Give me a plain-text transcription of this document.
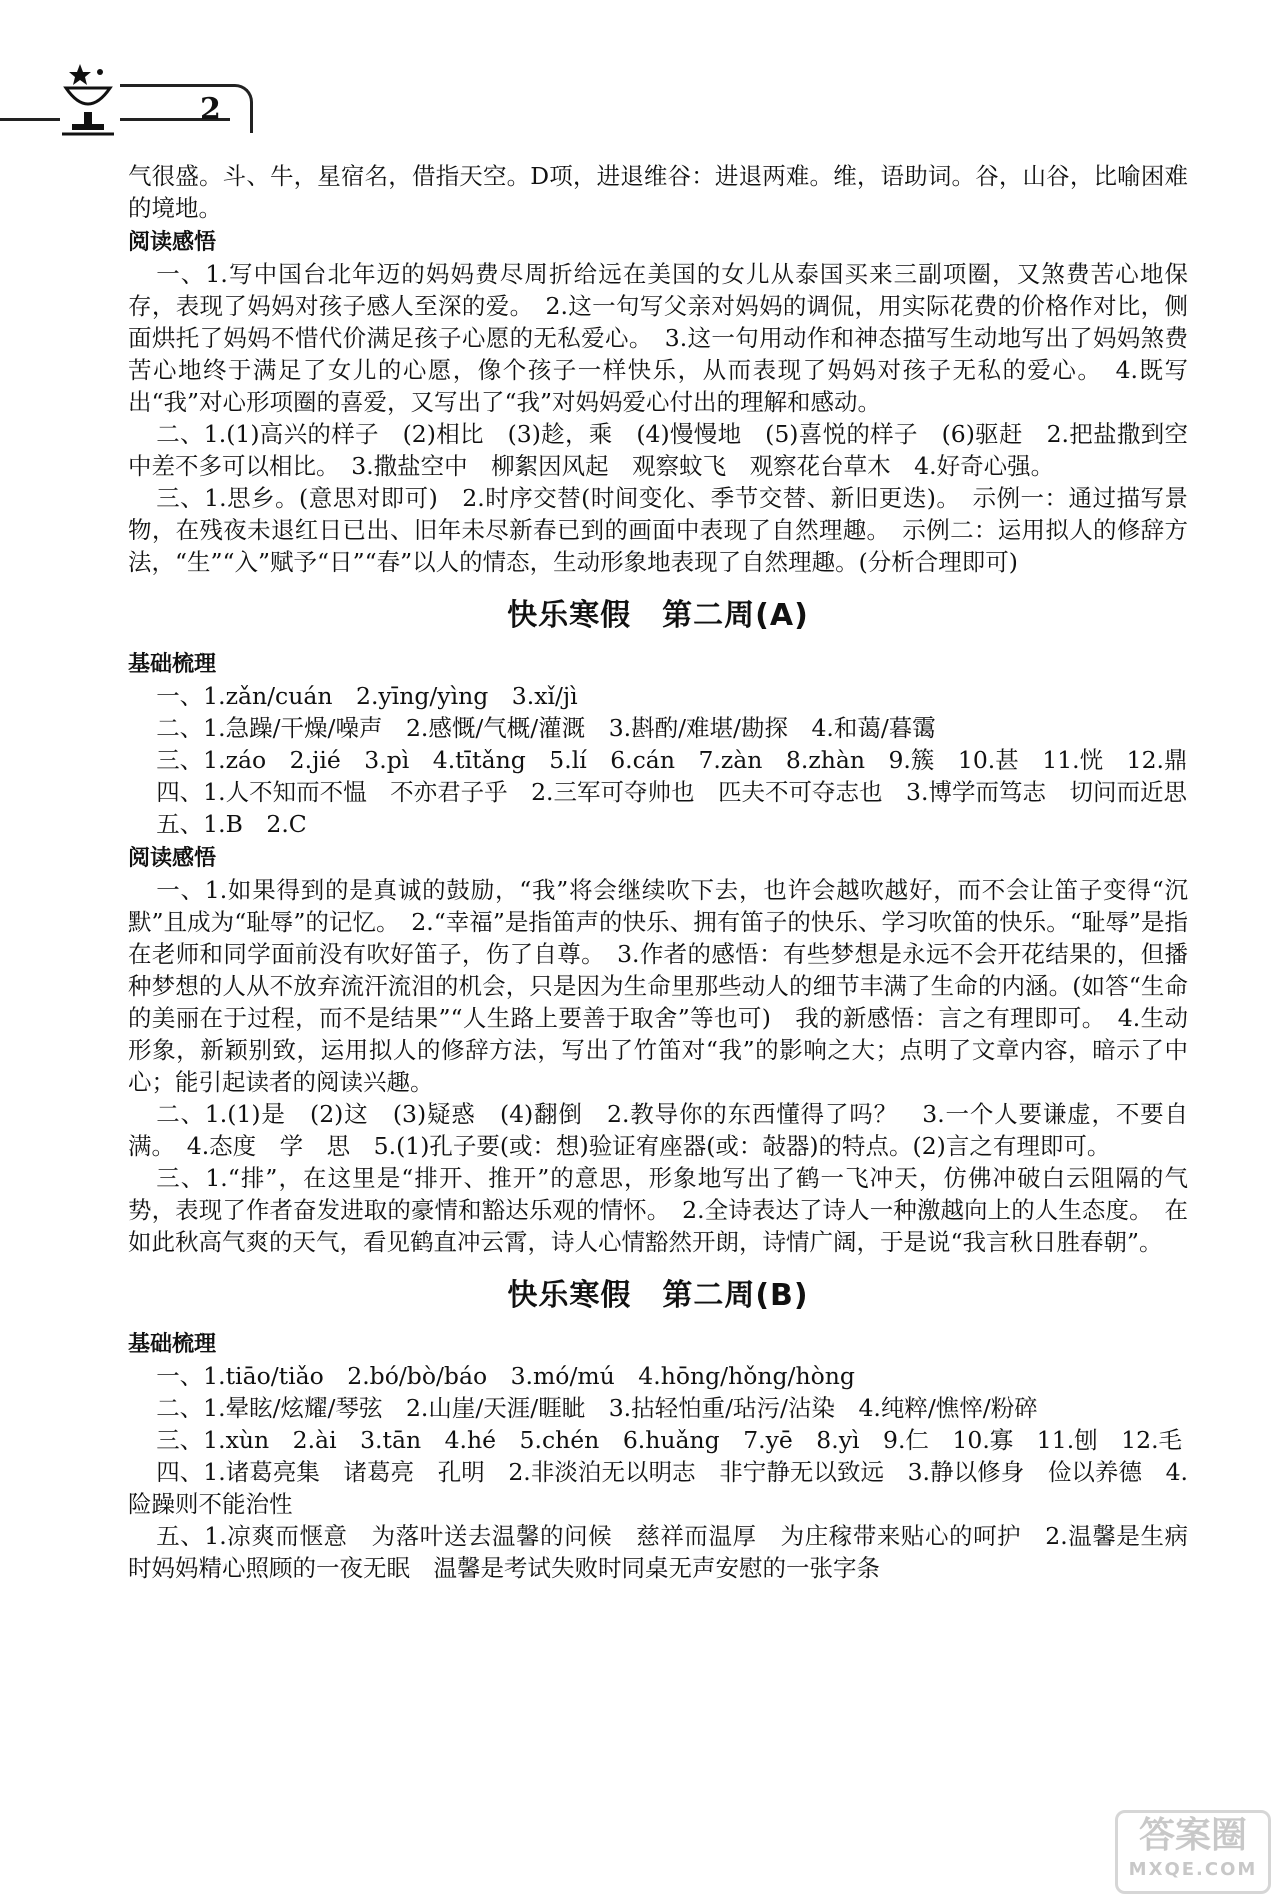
2

气很盛。斗、牛，星宿名，借指天空。D项，进退维谷：进退两难。维，语助词。谷，山谷，比喻困难的境地。

阅读感悟

一、1.写中国台北年迈的妈妈费尽周折给远在美国的女儿从泰国买来三副项圈，又煞费苦心地保存，表现了妈妈对孩子感人至深的爱。　2.这一句写父亲对妈妈的调侃，用实际花费的价格作对比，侧面烘托了妈妈不惜代价满足孩子心愿的无私爱心。　3.这一句用动作和神态描写生动地写出了妈妈煞费苦心地终于满足了女儿的心愿，像个孩子一样快乐，从而表现了妈妈对孩子无私的爱心。　4.既写出“我”对心形项圈的喜爱，又写出了“我”对妈妈爱心付出的理解和感动。

二、1.(1)高兴的样子　(2)相比　(3)趁，乘　(4)慢慢地　(5)喜悦的样子　(6)驱赶　2.把盐撒到空中差不多可以相比。　3.撒盐空中　柳絮因风起　观察蚊飞　观察花台草木　4.好奇心强。

三、1.思乡。(意思对即可)　2.时序交替(时间变化、季节交替、新旧更迭)。　示例一：通过描写景物，在残夜未退红日已出、旧年未尽新春已到的画面中表现了自然理趣。　示例二：运用拟人的修辞方法，“生”“入”赋予“日”“春”以人的情态，生动形象地表现了自然理趣。(分析合理即可)

快乐寒假　第二周(A)
基础梳理

一、1.zǎn/cuán　2.yīng/yìng　3.xǐ/jì

二、1.急躁/干燥/噪声　2.感慨/气概/灌溉　3.斟酌/难堪/勘探　4.和蔼/暮霭

三、1.záo　2.jié　3.pì　4.tītǎng　5.lí　6.cán　7.zàn　8.zhàn　9.簇　10.甚　11.恍　12.鼎

四、1.人不知而不愠　不亦君子乎　2.三军可夺帅也　匹夫不可夺志也　3.博学而笃志　切问而近思

五、1.B　2.C

阅读感悟

一、1.如果得到的是真诚的鼓励，“我”将会继续吹下去，也许会越吹越好，而不会让笛子变得“沉默”且成为“耻辱”的记忆。　2.“幸福”是指笛声的快乐、拥有笛子的快乐、学习吹笛的快乐。“耻辱”是指在老师和同学面前没有吹好笛子，伤了自尊。　3.作者的感悟：有些梦想是永远不会开花结果的，但播种梦想的人从不放弃流汗流泪的机会，只是因为生命里那些动人的细节丰满了生命的内涵。(如答“生命的美丽在于过程，而不是结果”“人生路上要善于取舍”等也可)　我的新感悟：言之有理即可。　4.生动形象，新颖别致，运用拟人的修辞方法，写出了竹笛对“我”的影响之大；点明了文章内容，暗示了中心；能引起读者的阅读兴趣。

二、1.(1)是　(2)这　(3)疑惑　(4)翻倒　2.教导你的东西懂得了吗？　3.一个人要谦虚，不要自满。　4.态度　学　思　5.(1)孔子要(或：想)验证宥座器(或：敧器)的特点。(2)言之有理即可。

三、1.“排”，在这里是“排开、推开”的意思，形象地写出了鹤一飞冲天，仿佛冲破白云阻隔的气势，表现了作者奋发进取的豪情和豁达乐观的情怀。　2.全诗表达了诗人一种激越向上的人生态度。　在如此秋高气爽的天气，看见鹤直冲云霄，诗人心情豁然开朗，诗情广阔，于是说“我言秋日胜春朝”。

快乐寒假　第二周(B)
基础梳理

一、1.tiāo/tiǎo　2.bó/bò/báo　3.mó/mú　4.hōng/hǒng/hòng

二、1.晕眩/炫耀/琴弦　2.山崖/天涯/睚眦　3.拈轻怕重/玷污/沾染　4.纯粹/憔悴/粉碎

三、1.xùn　2.ài　3.tān　4.hé　5.chén　6.huǎng　7.yē　8.yì　9.仁　10.寡　11.刨　12.毛

四、1.诸葛亮集　诸葛亮　孔明　2.非淡泊无以明志　非宁静无以致远　3.静以修身　俭以养德　4.险躁则不能治性

五、1.凉爽而惬意　为落叶送去温馨的问候　慈祥而温厚　为庄稼带来贴心的呵护　2.温馨是生病时妈妈精心照顾的一夜无眠　温馨是考试失败时同桌无声安慰的一张字条

答案圈
MXQE.COM
